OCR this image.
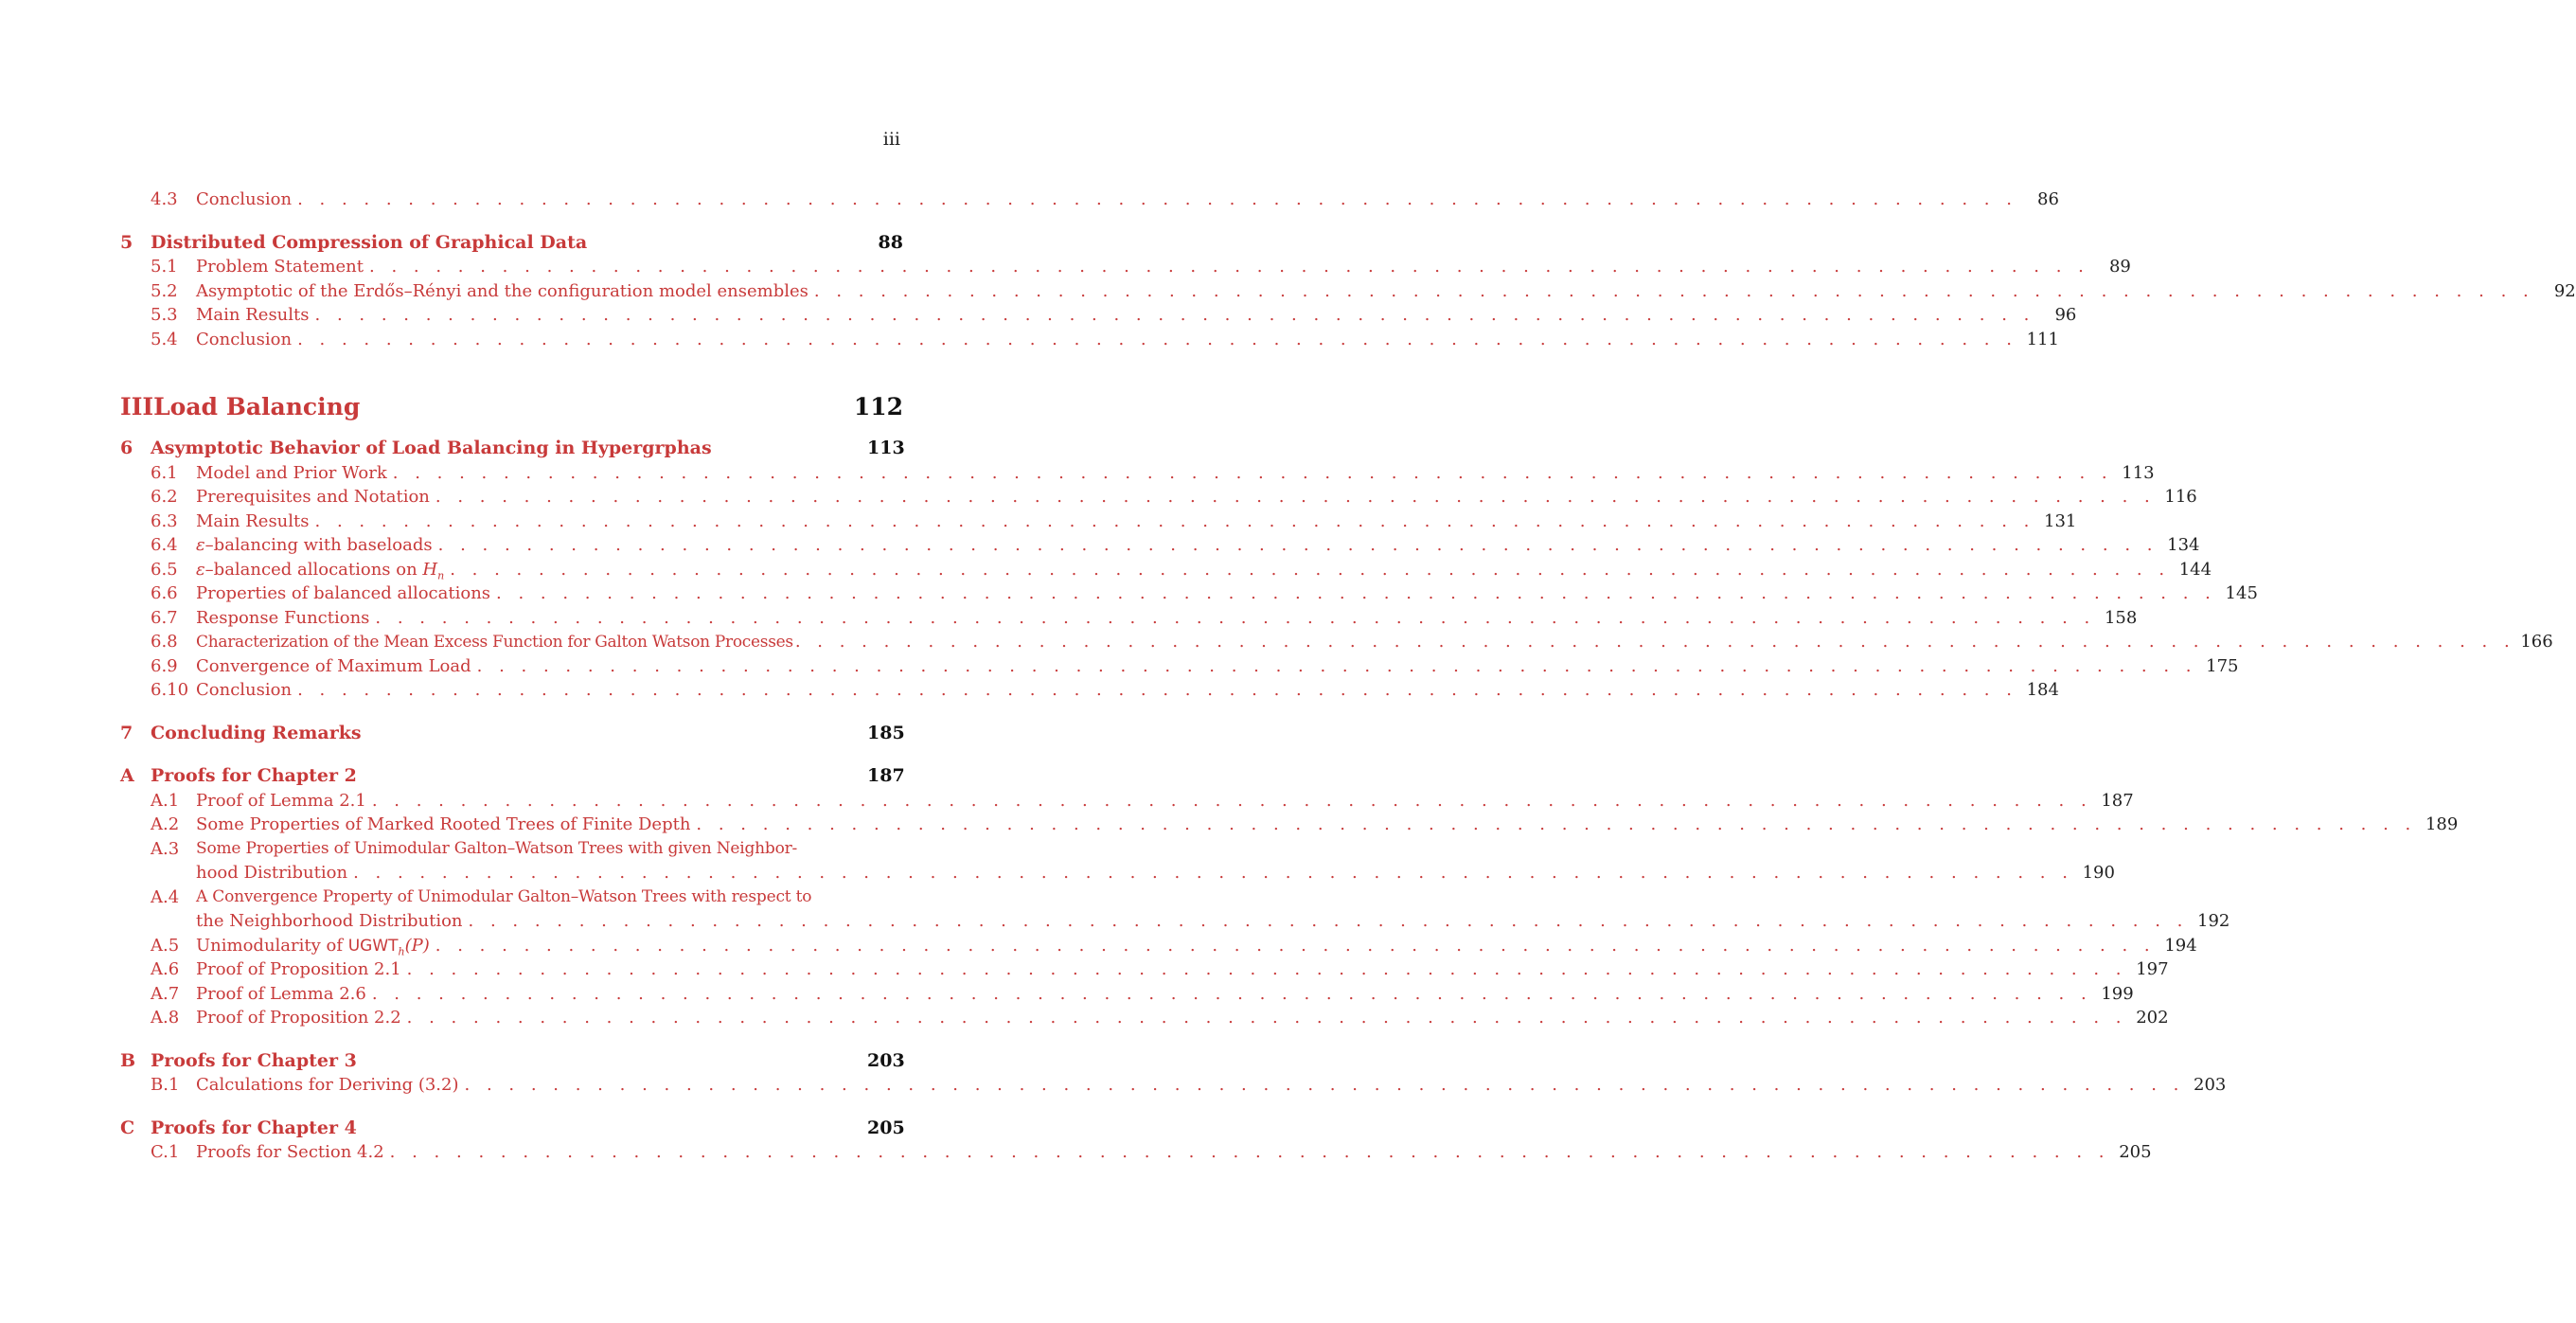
iii
4.3	Conclusion . . .	86
5 Distributed Compression of Graphical Data	88
5.1	Problem Statement . . .	89
5.2	Asymptotic of the Erdős–Rényi and the configuration model ensembles . . .	92
5.3	Main Results . . .	96
5.4	Conclusion . . .	111
III Load Balancing	112
6 Asymptotic Behavior of Load Balancing in Hypergrphas	113
6.1	Model and Prior Work . . .	113
6.2	Prerequisites and Notation . . .	116
6.3	Main Results . . .	131
6.4	ε–balancing with baseloads . . .	134
6.5	ε–balanced allocations on $H_n$ . . .	144
6.6	Properties of balanced allocations . . .	145
6.7	Response Functions . . .	158
6.8	Characterization of the Mean Excess Function for Galton Watson Processes . . .	166
6.9	Convergence of Maximum Load . . .	175
6.10 Conclusion . . .	184
7 Concluding Remarks	185
A Proofs for Chapter 2	187
A.1 Proof of Lemma 2.1 . . .	187
A.2 Some Properties of Marked Rooted Trees of Finite Depth . . .	189
A.3	Some Properties of Unimodular Galton–Watson Trees with given Neighbor-
hood Distribution . . .	190
A.4	A Convergence Property of Unimodular Galton–Watson Trees with respect to
the Neighborhood Distribution . . .	192
A.5 Unimodularity of $UGWT_h(P)$ . . .	194
A.6 Proof of Proposition 2.1 . . .	197
A.7 Proof of Lemma 2.6 . . .	199
A.8 Proof of Proposition 2.2 . . .	202
B Proofs for Chapter 3	203
B.1 Calculations for Deriving (3.2) . . .	203
C Proofs for Chapter 4	205
C.1 Proofs for Section 4.2 . . .	205
